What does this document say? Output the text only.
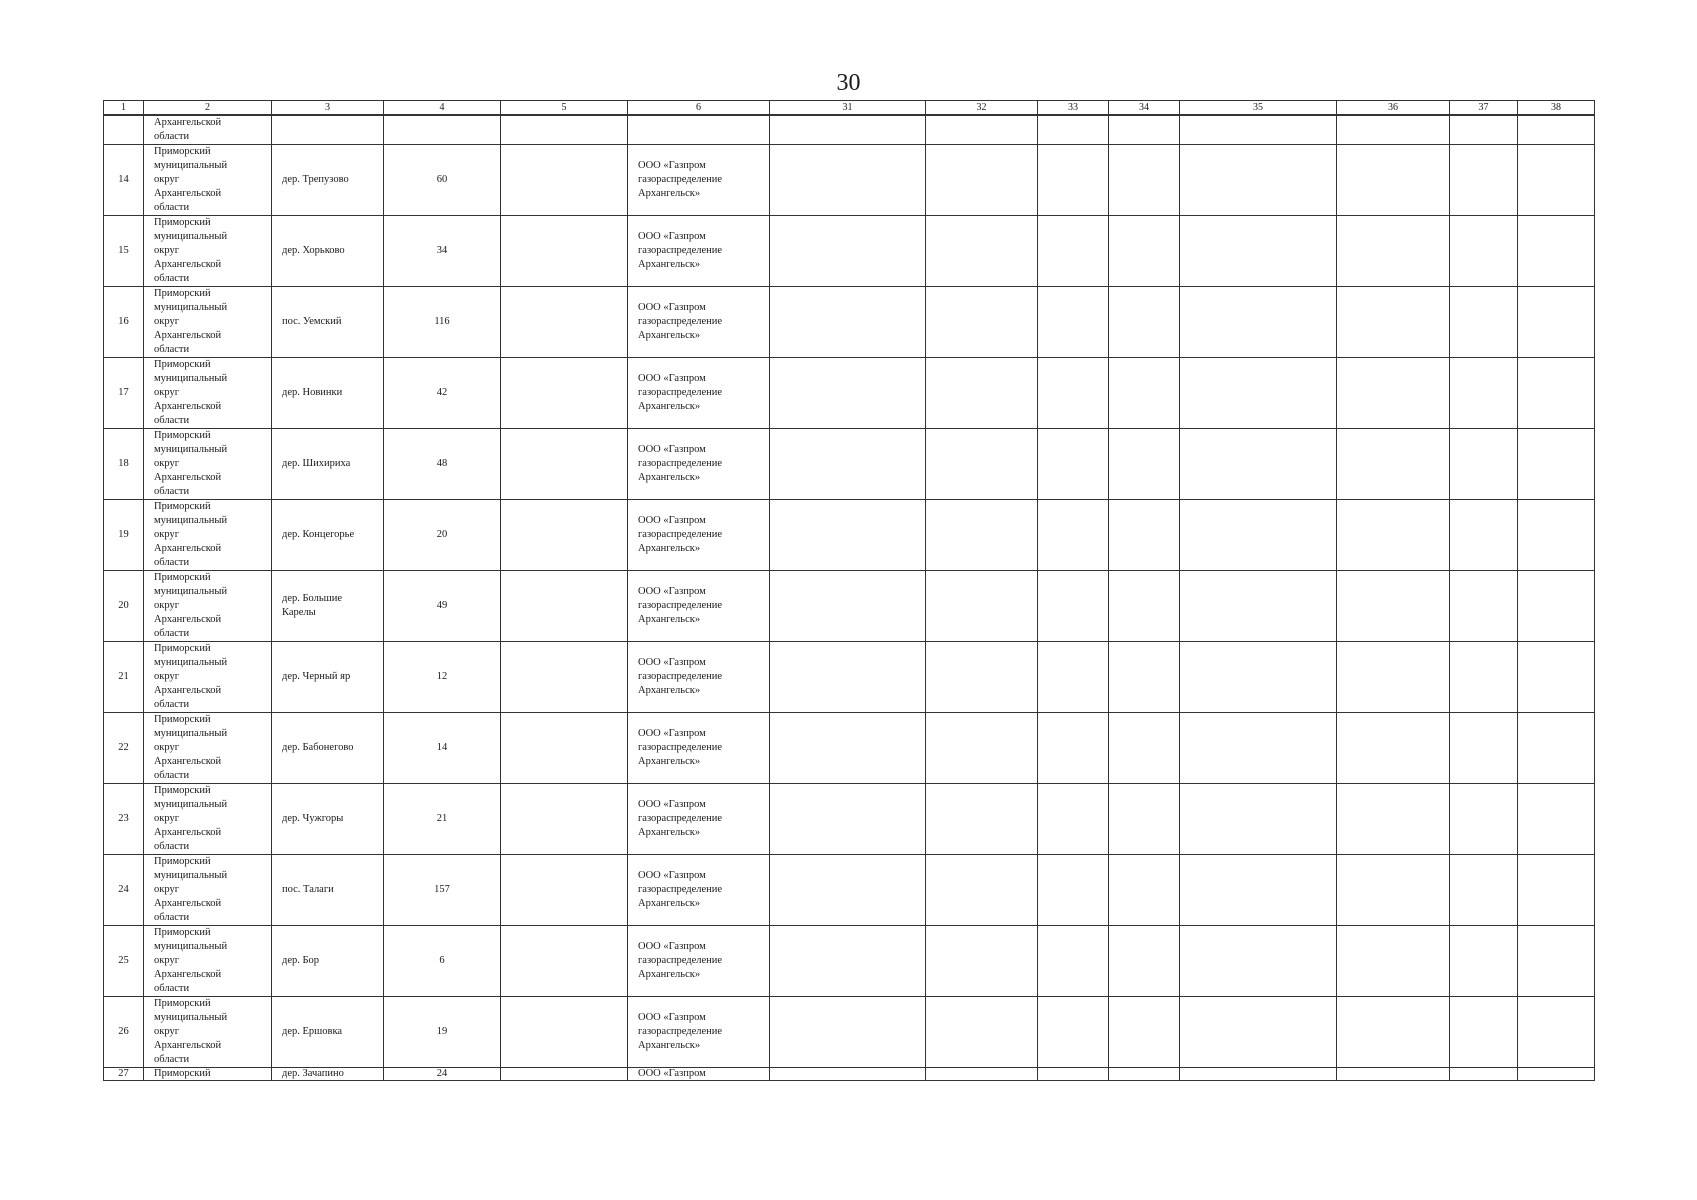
30
1	2	3	4	5	6	31	32	33	34	35	36	37	38

	Архангельской
области												

14	Приморский
муниципальный
округ
Архангельской
области	дер. Трепузово	60		ООО «Газпром
газораспределение
Архангельск»								

15	Приморский
муниципальный
округ
Архангельской
области	дер. Хорьково	34		ООО «Газпром
газораспределение
Архангельск»								

16	Приморский
муниципальный
округ
Архангельской
области	пос. Уемский	116		ООО «Газпром
газораспределение
Архангельск»								

17	Приморский
муниципальный
округ
Архангельской
области	дер. Новинки	42		ООО «Газпром
газораспределение
Архангельск»								

18	Приморский
муниципальный
округ
Архангельской
области	дер. Шихириха	48		ООО «Газпром
газораспределение
Архангельск»								

19	Приморский
муниципальный
округ
Архангельской
области	дер. Концегорье	20		ООО «Газпром
газораспределение
Архангельск»								

20	Приморский
муниципальный
округ
Архангельской
области	дер. Большие
Карелы	49		ООО «Газпром
газораспределение
Архангельск»								

21	Приморский
муниципальный
округ
Архангельской
области	дер. Черный яр	12		ООО «Газпром
газораспределение
Архангельск»								

22	Приморский
муниципальный
округ
Архангельской
области	дер. Бабонегово	14		ООО «Газпром
газораспределение
Архангельск»								

23	Приморский
муниципальный
округ
Архангельской
области	дер. Чужгоры	21		ООО «Газпром
газораспределение
Архангельск»								

24	Приморский
муниципальный
округ
Архангельской
области	пос. Талаги	157		ООО «Газпром
газораспределение
Архангельск»								

25	Приморский
муниципальный
округ
Архангельской
области	дер. Бор	6		ООО «Газпром
газораспределение
Архангельск»								

26	Приморский
муниципальный
округ
Архангельской
области	дер. Ершовка	19		ООО «Газпром
газораспределение
Архангельск»								

27	Приморский	дер. Зачапино	24		ООО «Газпром								
